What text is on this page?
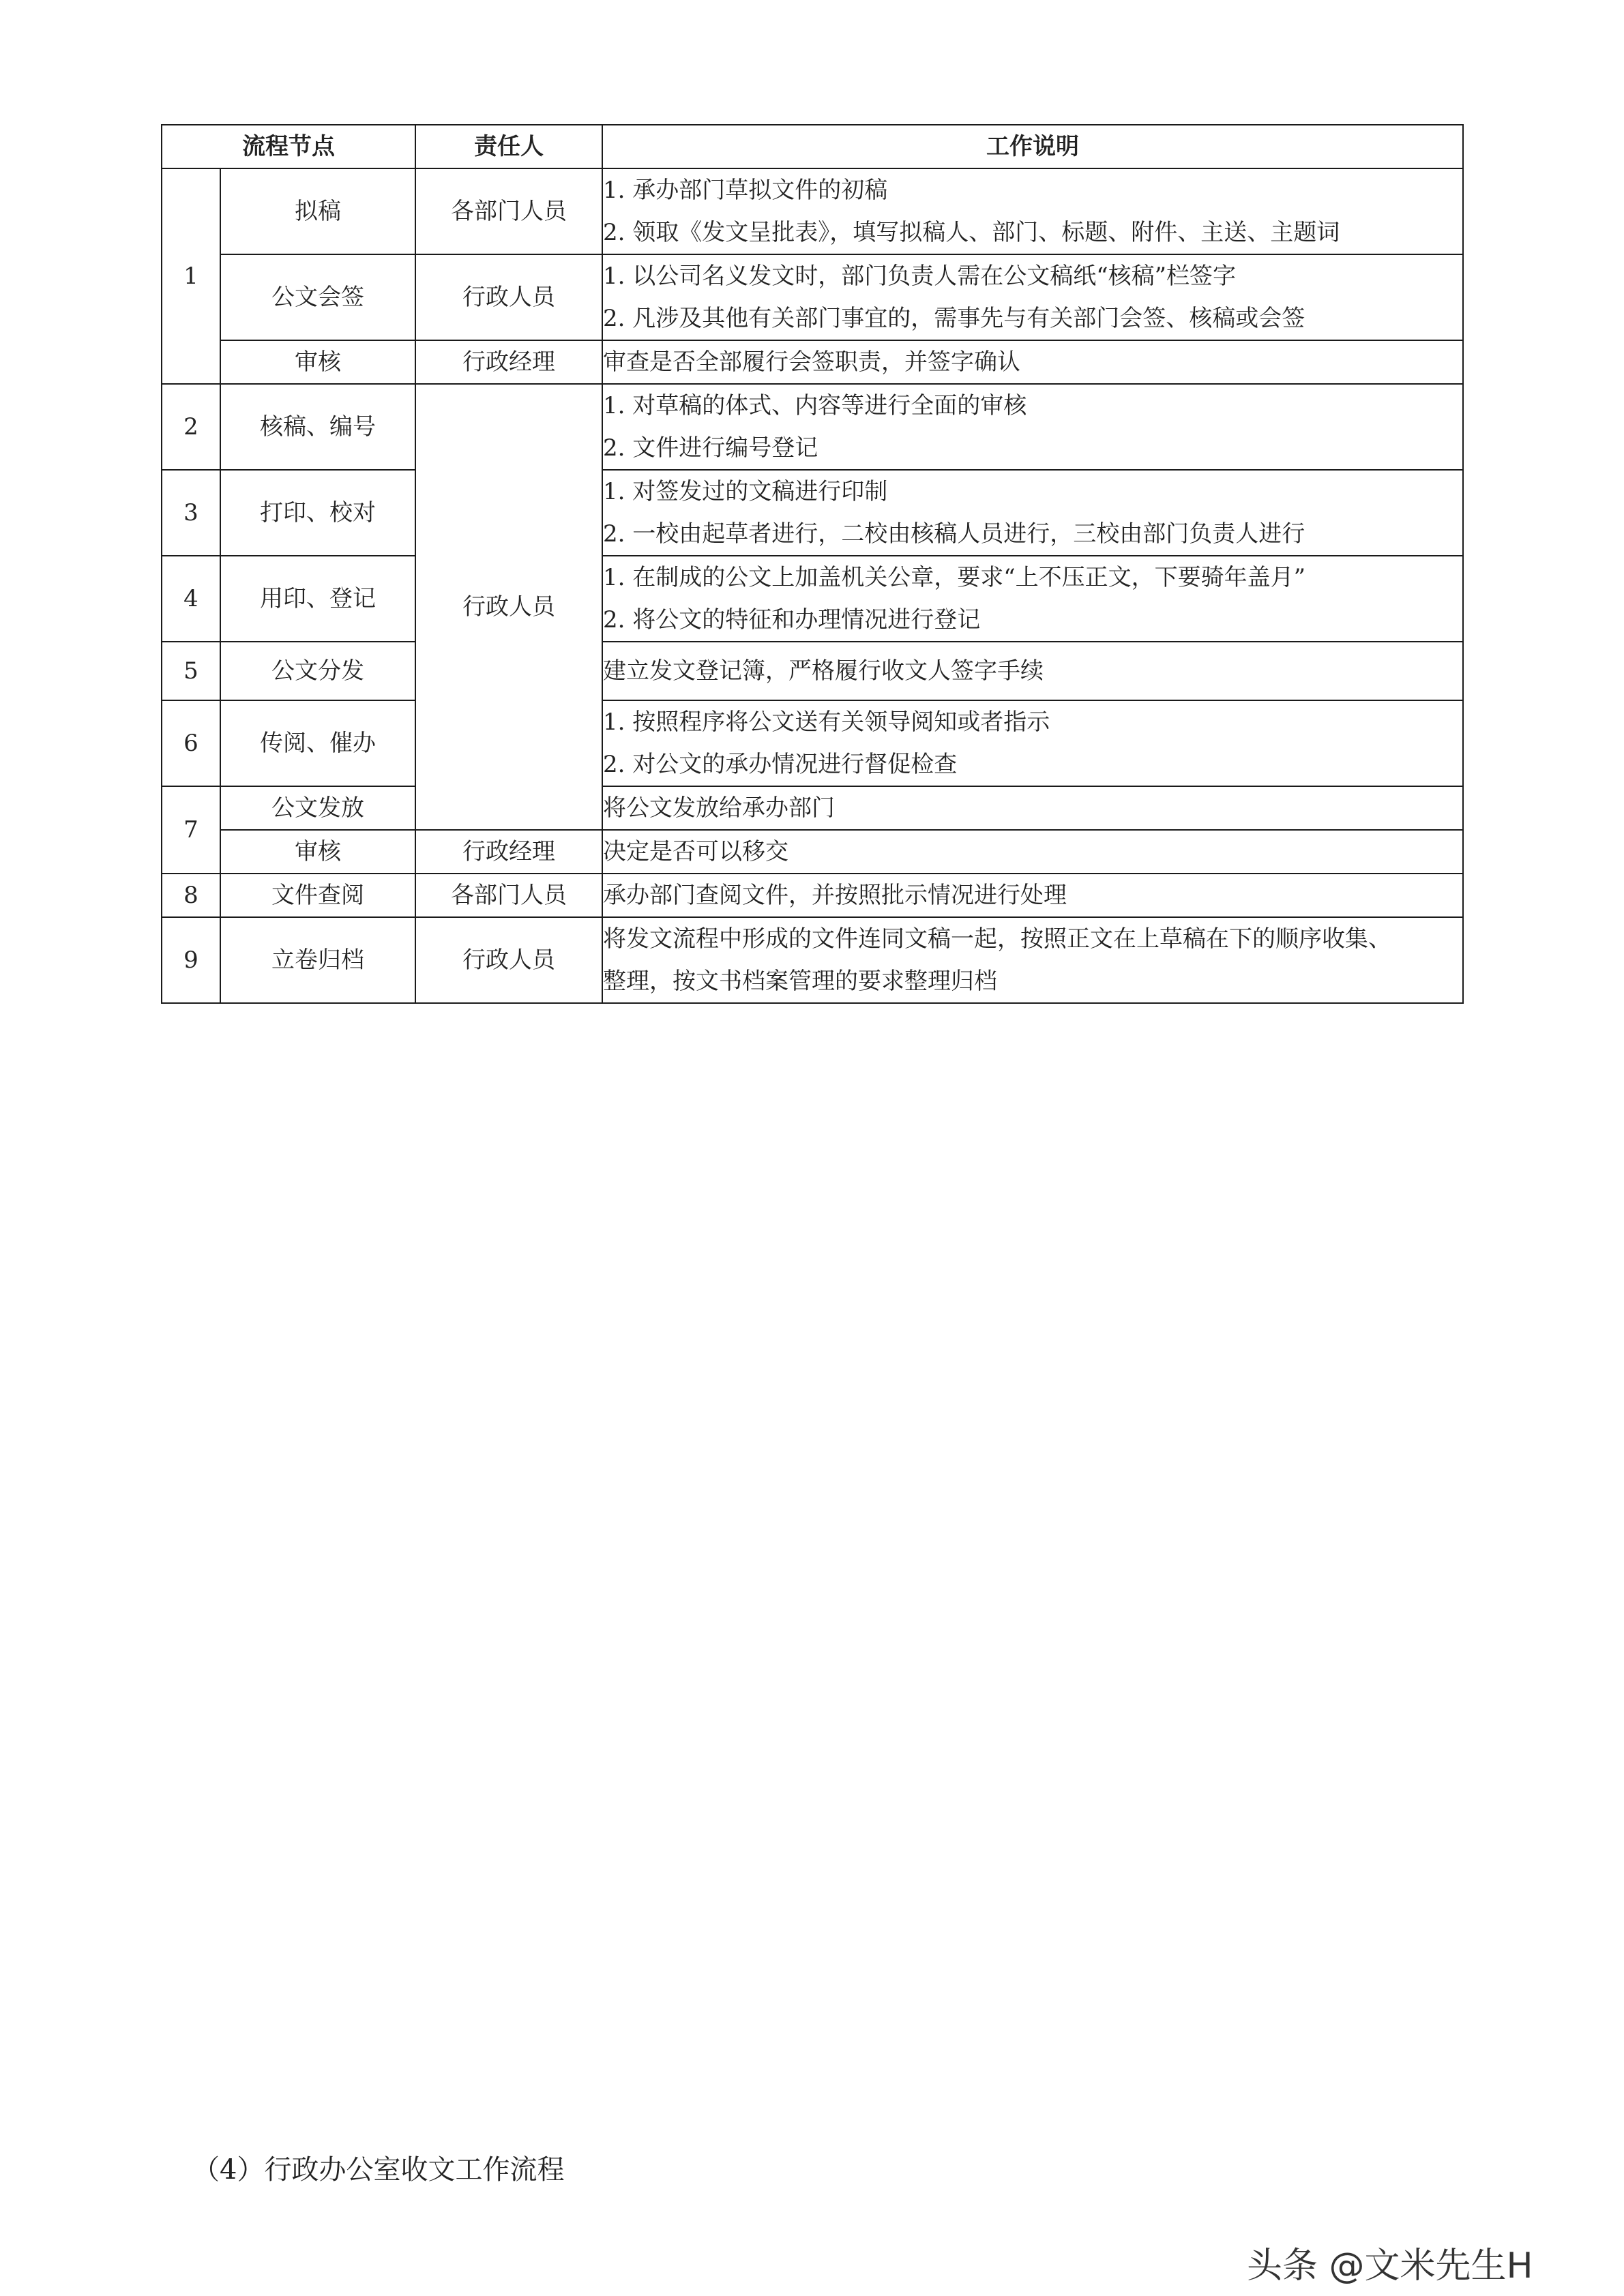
流程节点		责任人	工作说明
1	拟稿	各部门人员	1. 承办部门草拟文件的初稿
2. 领取《发文呈批表》，填写拟稿人、部门、标题、附件、主送、主题词

	公文会签	行政人员	1. 以公司名义发文时，部门负责人需在公文稿纸“核稿”栏签字
2. 凡涉及其他有关部门事宜的，需事先与有关部门会签、核稿或会签

	审核	行政经理	审查是否全部履行会签职责，并签字确认

2	核稿、编号	行政人员	1. 对草稿的体式、内容等进行全面的审核
2. 文件进行编号登记

3	打印、校对		1. 对签发过的文稿进行印制
2. 一校由起草者进行，二校由核稿人员进行，三校由部门负责人进行

4	用印、登记		1. 在制成的公文上加盖机关公章，要求“上不压正文，下要骑年盖月”
2. 将公文的特征和办理情况进行登记

5	公文分发		建立发文登记簿，严格履行收文人签字手续

6	传阅、催办		1. 按照程序将公文送有关领导阅知或者指示
2. 对公文的承办情况进行督促检查

7	公文发放		将公文发放给承办部门

	审核	行政经理	决定是否可以移交

8	文件查阅	各部门人员	承办部门查阅文件，并按照批示情况进行处理

9	立卷归档	行政人员	将发文流程中形成的文件连同文稿一起，按照正文在上草稿在下的顺序收集、
整理，按文书档案管理的要求整理归档
（4）行政办公室收文工作流程
头条 @文米先生H
